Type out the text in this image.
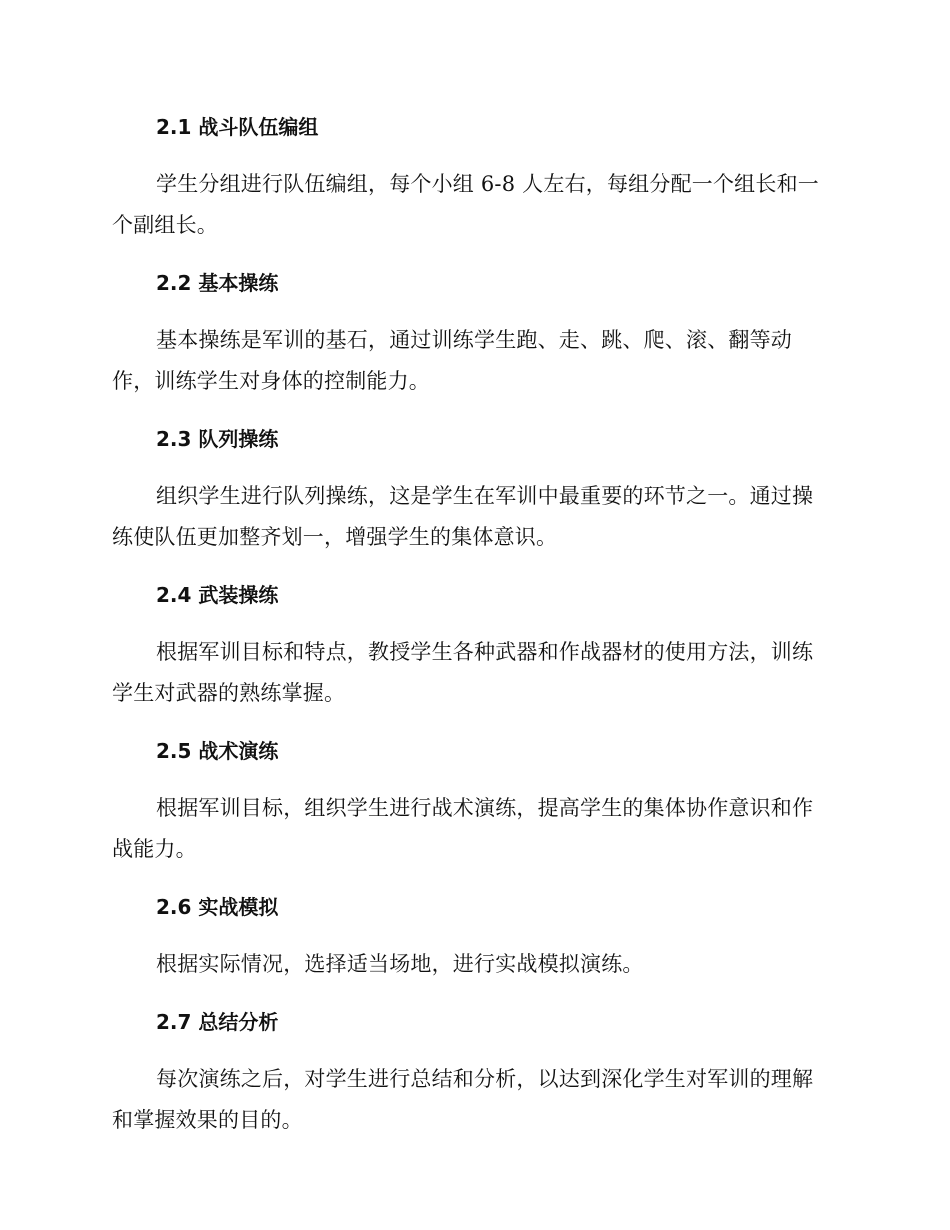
2.1 战斗队伍编组

学生分组进行队伍编组，每个小组 6-8 人左右，每组分配一个组长和一个副组长。

2.2 基本操练

基本操练是军训的基石，通过训练学生跑、走、跳、爬、滚、翻等动作，训练学生对身体的控制能力。

2.3 队列操练

组织学生进行队列操练，这是学生在军训中最重要的环节之一。通过操练使队伍更加整齐划一，增强学生的集体意识。

2.4 武装操练

根据军训目标和特点，教授学生各种武器和作战器材的使用方法，训练学生对武器的熟练掌握。

2.5 战术演练

根据军训目标，组织学生进行战术演练，提高学生的集体协作意识和作战能力。

2.6 实战模拟

根据实际情况，选择适当场地，进行实战模拟演练。

2.7 总结分析

每次演练之后，对学生进行总结和分析，以达到深化学生对军训的理解和掌握效果的目的。
